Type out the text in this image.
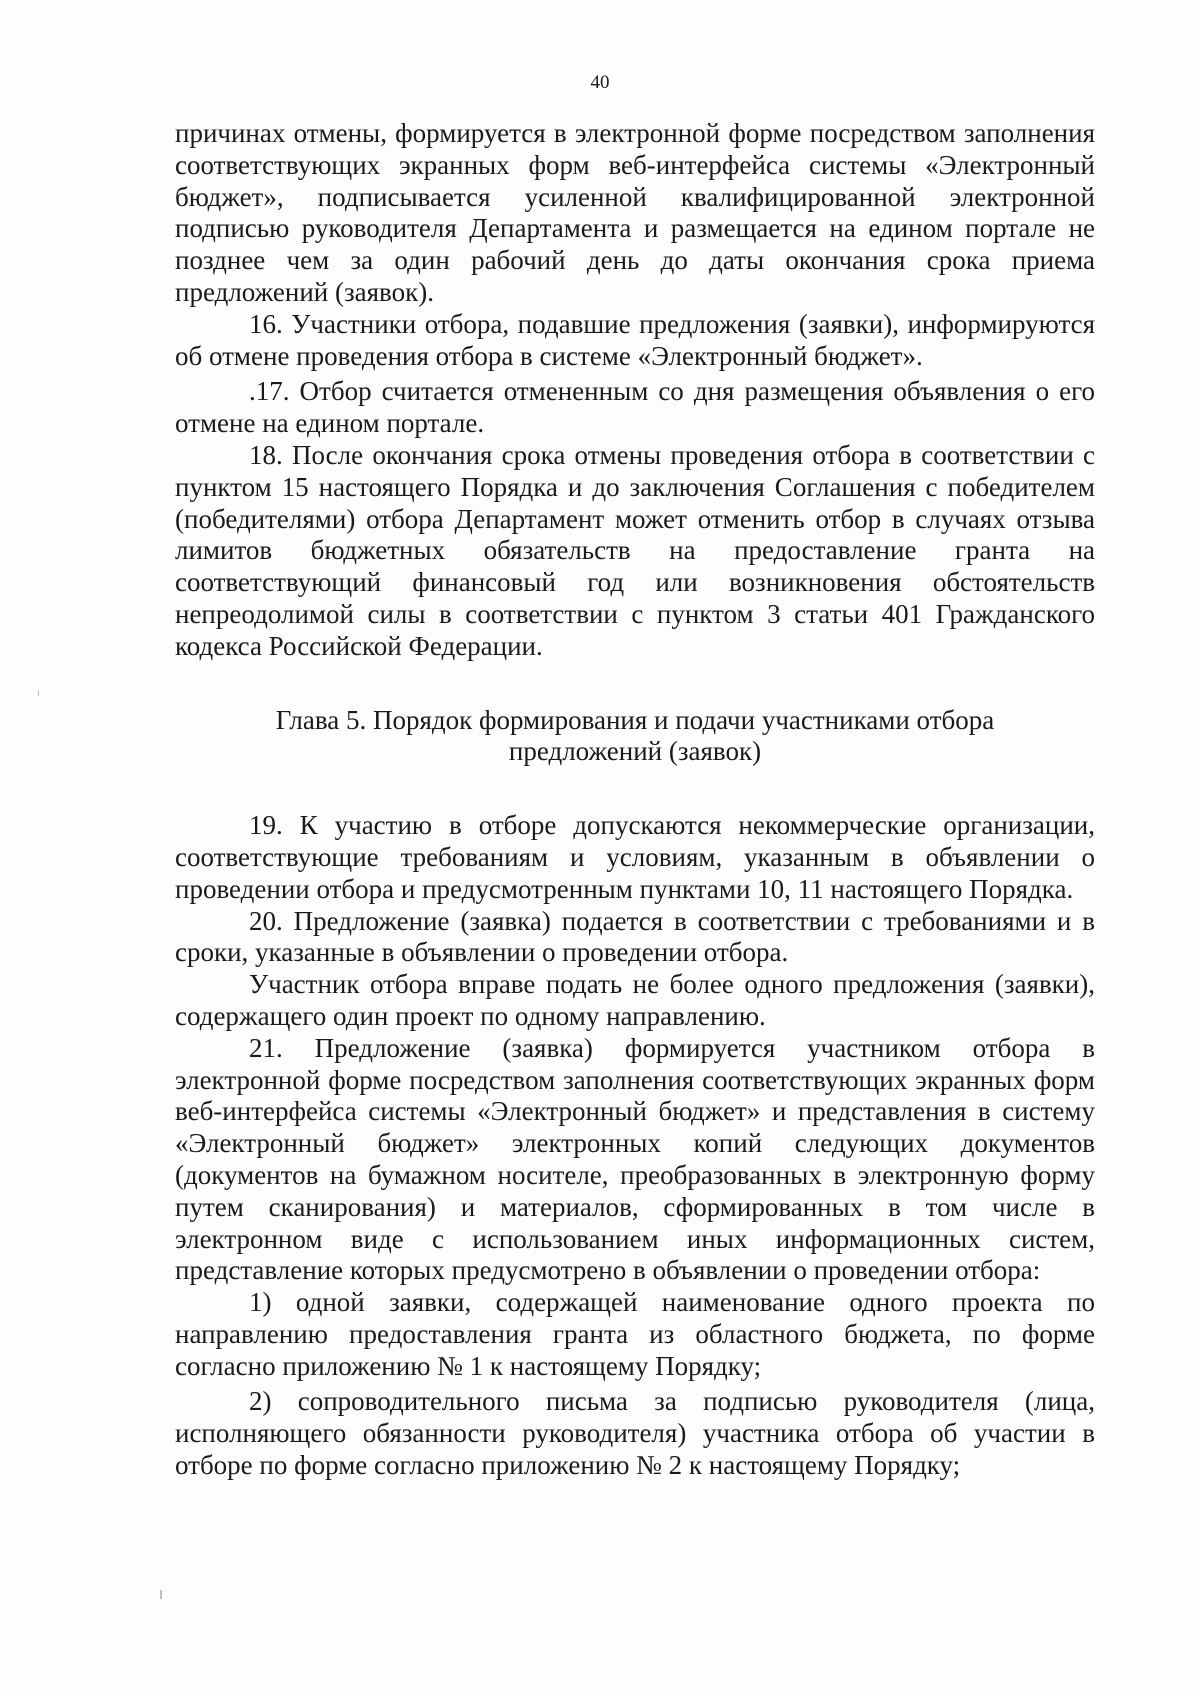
40

причинах отмены, формируется в электронной форме посредством заполнения соответствующих экранных форм веб-интерфейса системы «Электронный бюджет», подписывается усиленной квалифицированной электронной подписью руководителя Департамента и размещается на едином портале не позднее чем за один рабочий день до даты окончания срока приема предложений (заявок).

16. Участники отбора, подавшие предложения (заявки), информируются об отмене проведения отбора в системе «Электронный бюджет».

.17. Отбор считается отмененным со дня размещения объявления о его отмене на едином портале.

18. После окончания срока отмены проведения отбора в соответствии с пунктом 15 настоящего Порядка и до заключения Соглашения с победителем (победителями) отбора Департамент может отменить отбор в случаях отзыва лимитов бюджетных обязательств на предоставление гранта на соответствующий финансовый год или возникновения обстоятельств непреодолимой силы в соответствии с пунктом 3 статьи 401 Гражданского кодекса Российской Федерации.

Глава 5. Порядок формирования и подачи участниками отбора
предложений (заявок)

19. К участию в отборе допускаются некоммерческие организации, соответствующие требованиям и условиям, указанным в объявлении о проведении отбора и предусмотренным пунктами 10, 11 настоящего Порядка.

20. Предложение (заявка) подается в соответствии с требованиями и в сроки, указанные в объявлении о проведении отбора.

Участник отбора вправе подать не более одного предложения (заявки), содержащего один проект по одному направлению.

21. Предложение (заявка) формируется участником отбора в электронной форме посредством заполнения соответствующих экранных форм веб-интерфейса системы «Электронный бюджет» и представления в систему «Электронный бюджет» электронных копий следующих документов (документов на бумажном носителе, преобразованных в электронную форму путем сканирования) и материалов, сформированных в том числе в электронном виде с использованием иных информационных систем, представление которых предусмотрено в объявлении о проведении отбора:

1) одной заявки, содержащей наименование одного проекта по направлению предоставления гранта из областного бюджета, по форме согласно приложению № 1 к настоящему Порядку;

2) сопроводительного письма за подписью руководителя (лица, исполняющего обязанности руководителя) участника отбора об участии в отборе по форме согласно приложению № 2 к настоящему Порядку;
